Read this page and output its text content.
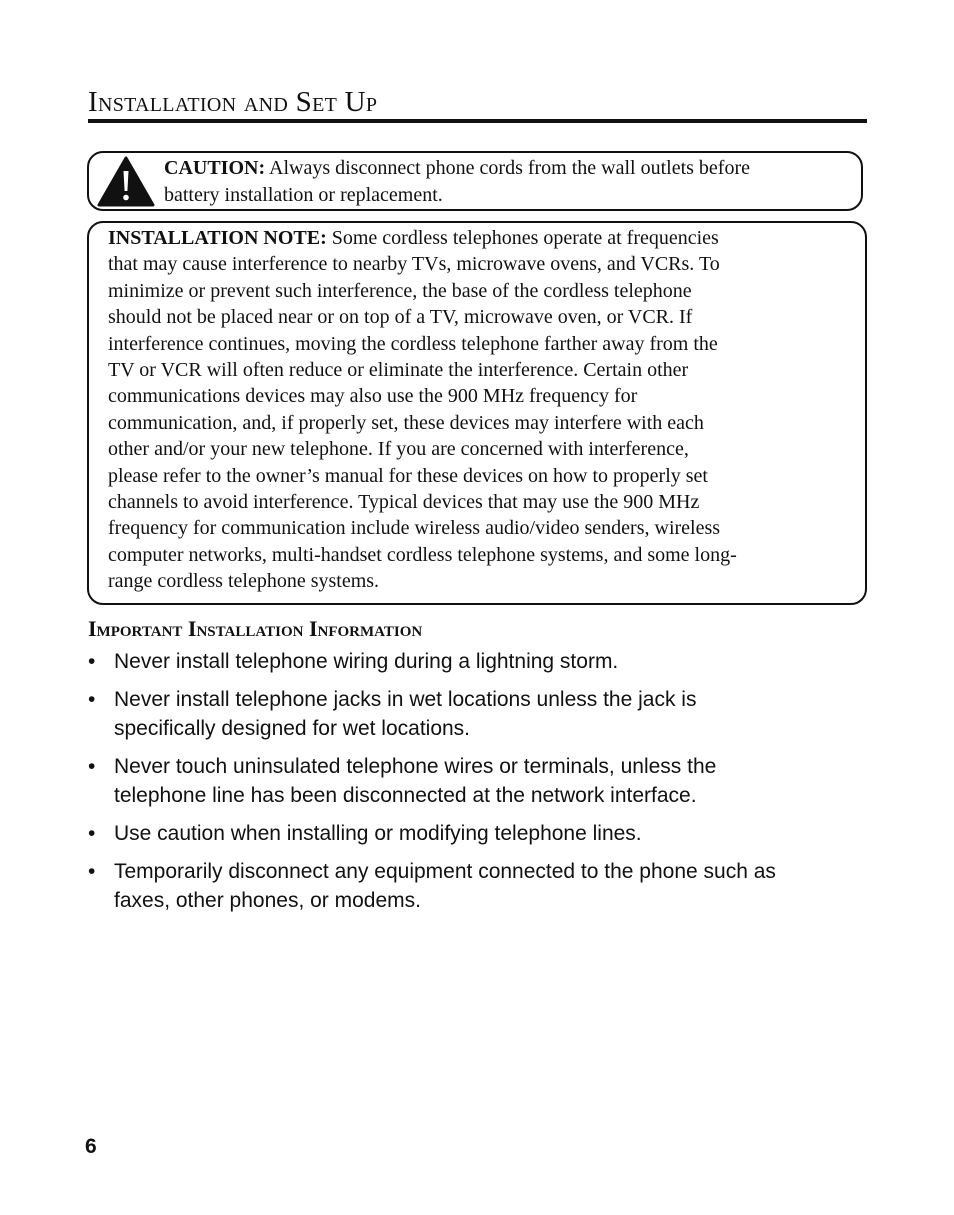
Installation and Set Up

CAUTION: Always disconnect phone cords from the wall outlets before
battery installation or replacement.

INSTALLATION NOTE: Some cordless telephones operate at frequencies
that may cause interference to nearby TVs, microwave ovens, and VCRs. To
minimize or prevent such interference, the base of the cordless telephone
should not be placed near or on top of a TV, microwave oven, or VCR. If
interference continues, moving the cordless telephone farther away from the
TV or VCR will often reduce or eliminate the interference. Certain other
communications devices may also use the 900 MHz frequency for
communication, and, if properly set, these devices may interfere with each
other and/or your new telephone. If you are concerned with interference,
please refer to the owner’s manual for these devices on how to properly set
channels to avoid interference. Typical devices that may use the 900 MHz
frequency for communication include wireless audio/video senders, wireless
computer networks, multi-handset cordless telephone systems, and some long-
range cordless telephone systems.

Important Installation Information
• Never install telephone wiring during a lightning storm.
• Never install telephone jacks in wet locations unless the jack is
specifically designed for wet locations.
• Never touch uninsulated telephone wires or terminals, unless the
telephone line has been disconnected at the network interface.
• Use caution when installing or modifying telephone lines.
• Temporarily disconnect any equipment connected to the phone such as
faxes, other phones, or modems.

6
